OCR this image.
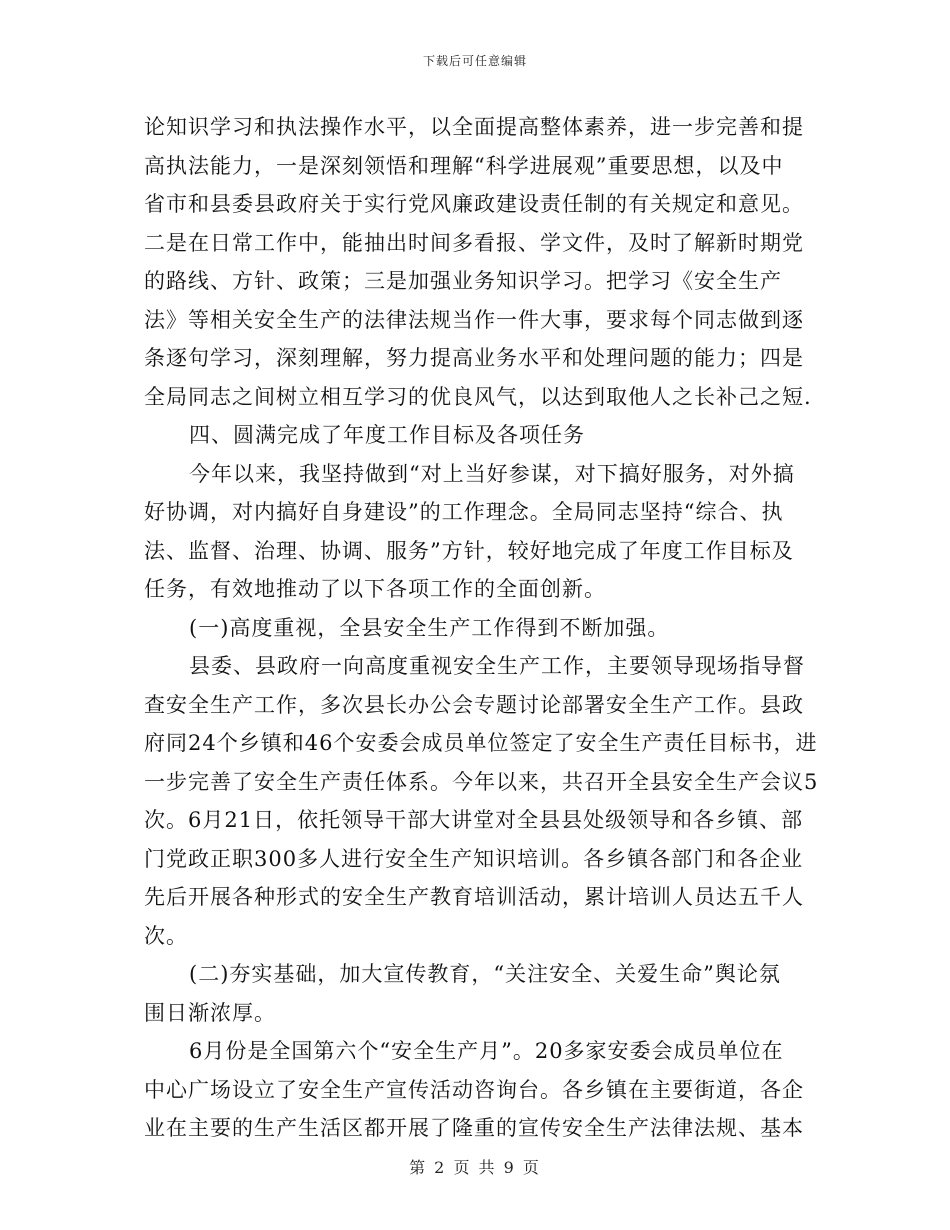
下载后可任意编辑
论知识学习和执法操作水平，以全面提高整体素养，进一步完善和提
高执法能力，一是深刻领悟和理解“科学进展观”重要思想，以及中
省市和县委县政府关于实行党风廉政建设责任制的有关规定和意见。
二是在日常工作中，能抽出时间多看报、学文件，及时了解新时期党
的路线、方针、政策；三是加强业务知识学习。把学习《安全生产
法》等相关安全生产的法律法规当作一件大事，要求每个同志做到逐
条逐句学习，深刻理解，努力提高业务水平和处理问题的能力；四是
全局同志之间树立相互学习的优良风气，以达到取他人之长补己之短.
四、圆满完成了年度工作目标及各项任务
今年以来，我坚持做到“对上当好参谋，对下搞好服务，对外搞
好协调，对内搞好自身建设”的工作理念。全局同志坚持“综合、执
法、监督、治理、协调、服务”方针，较好地完成了年度工作目标及
任务，有效地推动了以下各项工作的全面创新。
(一)高度重视，全县安全生产工作得到不断加强。
县委、县政府一向高度重视安全生产工作，主要领导现场指导督
查安全生产工作，多次县长办公会专题讨论部署安全生产工作。县政
府同24个乡镇和46个安委会成员单位签定了安全生产责任目标书，进
一步完善了安全生产责任体系。今年以来，共召开全县安全生产会议5
次。6月21日，依托领导干部大讲堂对全县县处级领导和各乡镇、部
门党政正职300多人进行安全生产知识培训。各乡镇各部门和各企业
先后开展各种形式的安全生产教育培训活动，累计培训人员达五千人
次。
(二)夯实基础，加大宣传教育，“关注安全、关爱生命”舆论氛
围日渐浓厚。
6月份是全国第六个“安全生产月”。20多家安委会成员单位在
中心广场设立了安全生产宣传活动咨询台。各乡镇在主要街道，各企
业在主要的生产生活区都开展了隆重的宣传安全生产法律法规、基本
第 2 页 共 9 页
